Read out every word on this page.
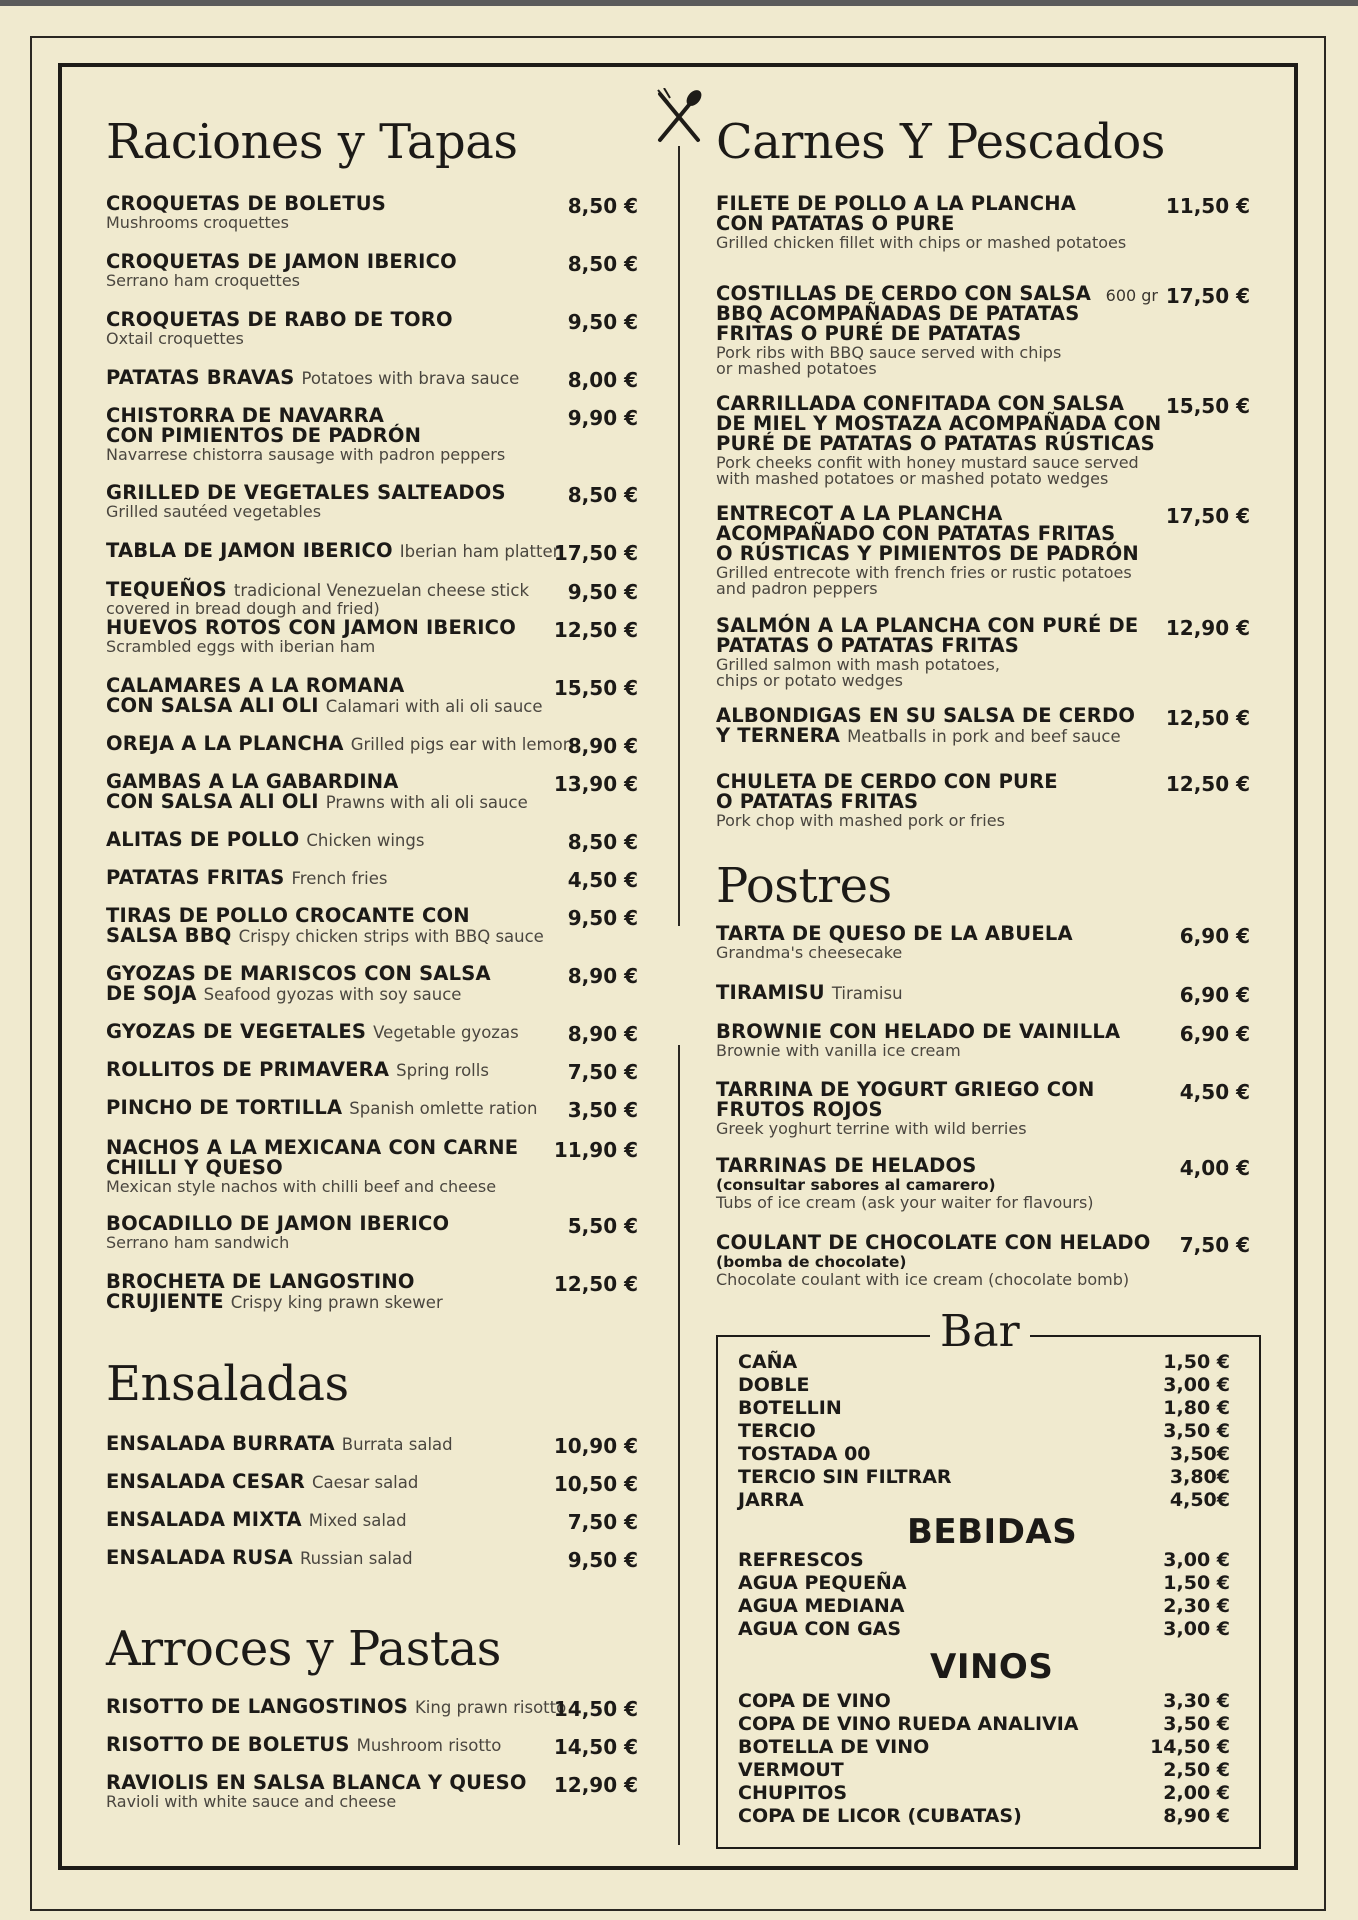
Raciones y Tapas	Carnes Y Pescados
Ensaladas
Arroces y Pastas
Postres
Bar
BEBIDAS
VINOS
CROQUETAS DE BOLETUS
Mushrooms croquettes
8,50 €
CROQUETAS DE JAMON IBERICO
Serrano ham croquettes
8,50 €
CROQUETAS DE RABO DE TORO
Oxtail croquettes
9,50 €
PATATAS BRAVAS Potatoes with brava sauce	8,00 €
CHISTORRA DE NAVARRA
CON PIMIENTOS DE PADRÓN
Navarrese chistorra sausage with padron peppers
9,90 €
GRILLED DE VEGETALES SALTEADOS
Grilled sautéed vegetables
8,50 €
TABLA DE JAMON IBERICO Iberian ham platter
17,50 €
TEQUEÑOS tradicional Venezuelan cheese stick
covered in bread dough and fried)
9,50 €
HUEVOS ROTOS CON JAMON IBERICO
Scrambled eggs with iberian ham
12,50 €
CALAMARES A LA ROMANA
CON SALSA ALI OLI Calamari with ali oli sauce
15,50 €
OREJA A LA PLANCHA Grilled pigs ear with lemon
8,90 €
GAMBAS A LA GABARDINA
CON SALSA ALI OLI Prawns with ali oli sauce
13,90 €
ALITAS DE POLLO Chicken wings	8,50 €
PATATAS FRITAS French fries	4,50 €
TIRAS DE POLLO CROCANTE CON
SALSA BBQ Crispy chicken strips with BBQ sauce
9,50 €
GYOZAS DE MARISCOS CON SALSA
DE SOJA Seafood gyozas with soy sauce
8,90 €
GYOZAS DE VEGETALES Vegetable gyozas	8,90 €
ROLLITOS DE PRIMAVERA Spring rolls	7,50 €
PINCHO DE TORTILLA Spanish omlette ration	3,50 €
NACHOS A LA MEXICANA CON CARNE
CHILLI Y QUESO
Mexican style nachos with chilli beef and cheese
11,90 €
BOCADILLO DE JAMON IBERICO
Serrano ham sandwich
5,50 €
BROCHETA DE LANGOSTINO
CRUJIENTE Crispy king prawn skewer
12,50 €
ENSALADA BURRATA Burrata salad	10,90 €
ENSALADA CESAR Caesar salad	10,50 €
ENSALADA MIXTA Mixed salad	7,50 €
ENSALADA RUSA Russian salad	9,50 €
RISOTTO DE LANGOSTINOS King prawn risotto
14,50 €
RISOTTO DE BOLETUS Mushroom risotto	14,50 €
RAVIOLIS EN SALSA BLANCA Y QUESO
Ravioli with white sauce and cheese
12,90 €
FILETE DE POLLO A LA PLANCHA
CON PATATAS O PURE
Grilled chicken fillet with chips or mashed potatoes
11,50 €
COSTILLAS DE CERDO CON SALSA
BBQ ACOMPAÑADAS DE PATATAS
FRITAS O PURÉ DE PATATAS
Pork ribs with BBQ sauce served with chips
or mashed potatoes
17,50 €
600 gr
CARRILLADA CONFITADA CON SALSA
DE MIEL Y MOSTAZA ACOMPAÑADA CON
PURÉ DE PATATAS O PATATAS RÚSTICAS
Pork cheeks confit with honey mustard sauce served
with mashed potatoes or mashed potato wedges
15,50 €
ENTRECOT A LA PLANCHA
ACOMPAÑADO CON PATATAS FRITAS
O RÚSTICAS Y PIMIENTOS DE PADRÓN
Grilled entrecote with french fries or rustic potatoes
and padron peppers
17,50 €
SALMÓN A LA PLANCHA CON PURÉ DE
PATATAS O PATATAS FRITAS
Grilled salmon with mash potatoes,
chips or potato wedges
12,90 €
ALBONDIGAS EN SU SALSA DE CERDO
Y TERNERA Meatballs in pork and beef sauce
12,50 €
CHULETA DE CERDO CON PURE
O PATATAS FRITAS
Pork chop with mashed pork or fries
12,50 €
TARTA DE QUESO DE LA ABUELA
Grandma's cheesecake
6,90 €
TIRAMISU Tiramisu	6,90 €
BROWNIE CON HELADO DE VAINILLA
Brownie with vanilla ice cream
6,90 €
TARRINA DE YOGURT GRIEGO CON
FRUTOS ROJOS
Greek yoghurt terrine with wild berries
4,50 €
TARRINAS DE HELADOS
(consultar sabores al camarero)
Tubs of ice cream (ask your waiter for flavours)
4,00 €
COULANT DE CHOCOLATE CON HELADO
(bomba de chocolate)
Chocolate coulant with ice cream (chocolate bomb)
7,50 €
CAÑA	1,50 €
DOBLE	3,00 €
BOTELLIN	1,80 €
TERCIO	3,50 €
TOSTADA 00	3,50€
TERCIO SIN FILTRAR	3,80€
JARRA	4,50€
REFRESCOS	3,00 €
AGUA PEQUEÑA	1,50 €
AGUA MEDIANA	2,30 €
AGUA CON GAS	3,00 €
COPA DE VINO	3,30 €
COPA DE VINO RUEDA ANALIVIA	3,50 €
BOTELLA DE VINO	14,50 €
VERMOUT	2,50 €
CHUPITOS	2,00 €
COPA DE LICOR (CUBATAS)	8,90 €
